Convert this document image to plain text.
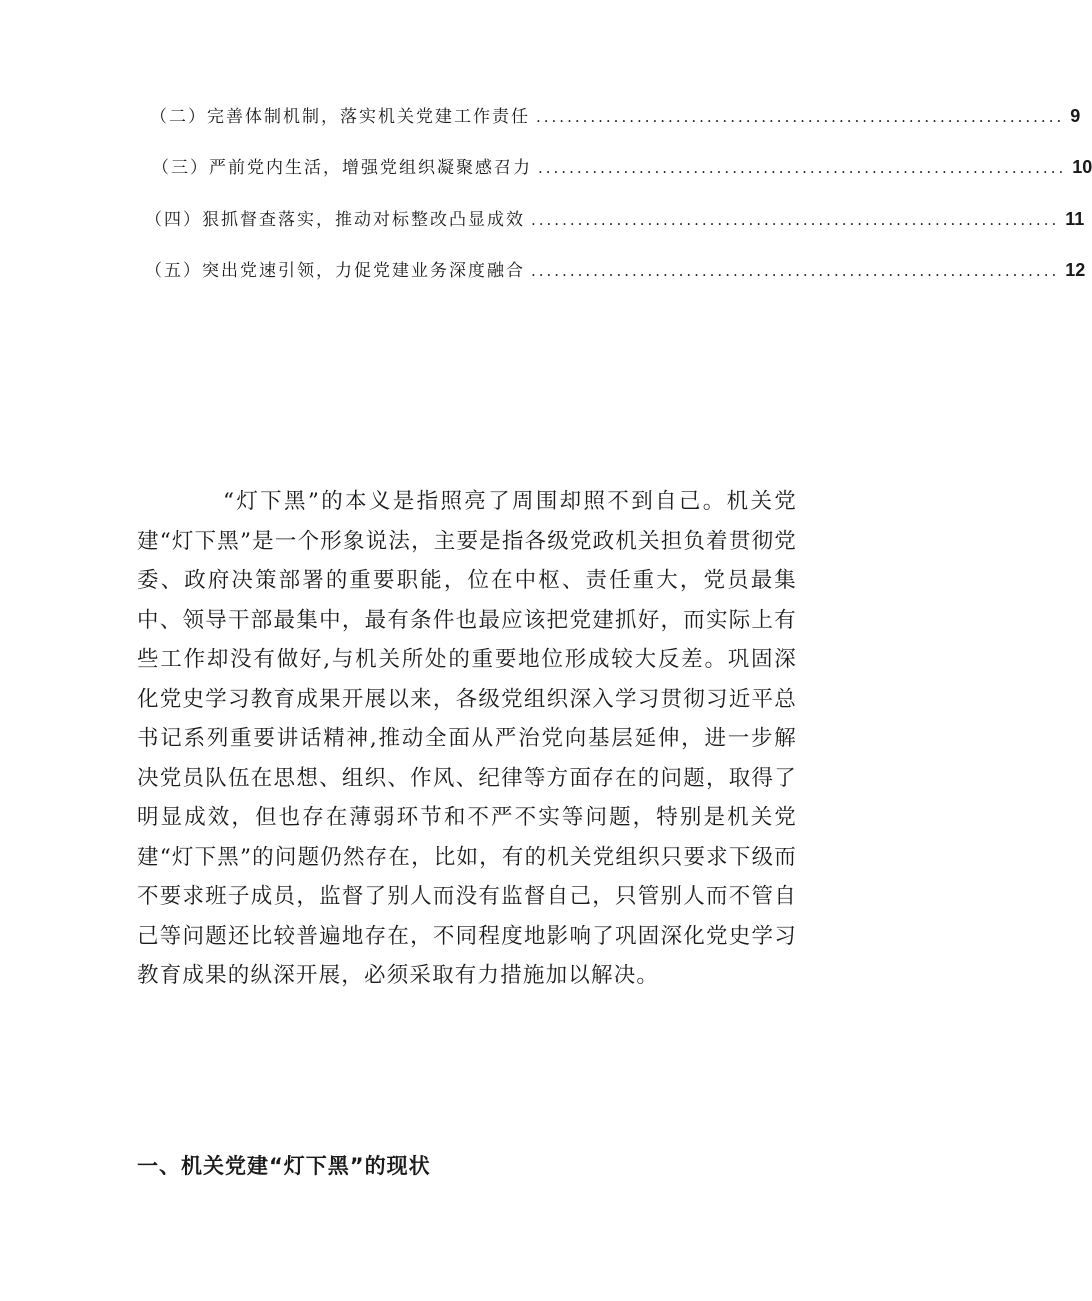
（二）完善体制机制，落实机关党建工作责任 .................................................................... 9
（三）严前党内生活，增强党组织凝聚感召力 .................................................................... 10
（四）狠抓督查落实，推动对标整改凸显成效 .................................................................... 11
（五）突出党速引领，力促党建业务深度融合 .................................................................... 12

“灯下黑”的本义是指照亮了周围却照不到自己。机关党建“灯下黑”是一个形象说法，主要是指各级党政机关担负着贯彻党委、政府决策部署的重要职能，位在中枢、责任重大，党员最集中、领导干部最集中，最有条件也最应该把党建抓好，而实际上有些工作却没有做好,与机关所处的重要地位形成较大反差。巩固深化党史学习教育成果开展以来，各级党组织深入学习贯彻习近平总书记系列重要讲话精神,推动全面从严治党向基层延伸，进一步解决党员队伍在思想、组织、作风、纪律等方面存在的问题，取得了明显成效，但也存在薄弱环节和不严不实等问题，特别是机关党建“灯下黑”的问题仍然存在，比如，有的机关党组织只要求下级而不要求班子成员，监督了别人而没有监督自己，只管别人而不管自己等问题还比较普遍地存在，不同程度地影响了巩固深化党史学习教育成果的纵深开展，必须采取有力措施加以解决。

一、机关党建“灯下黑”的现状
